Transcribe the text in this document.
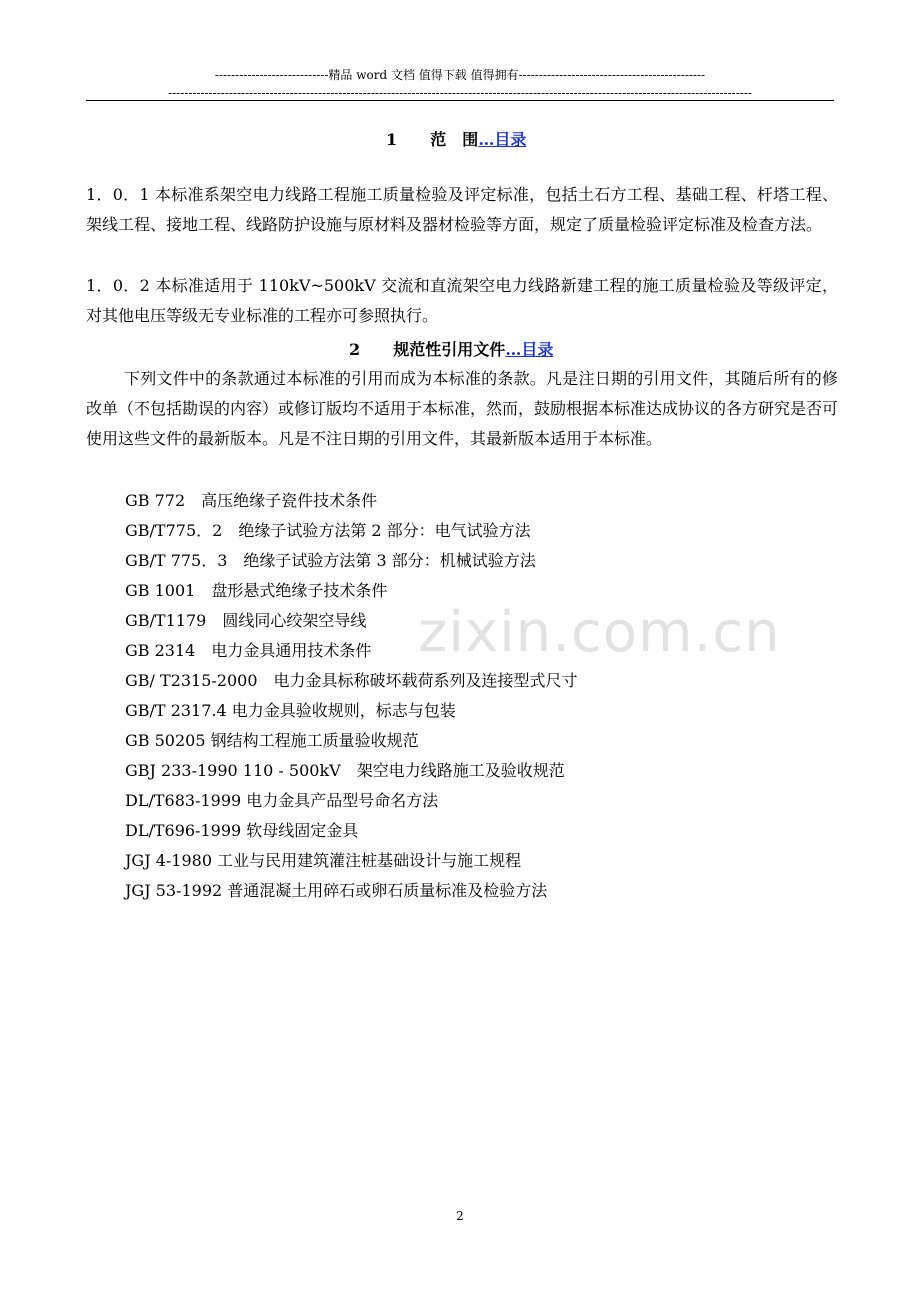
----------------------------精品 word 文档 值得下载 值得拥有----------------------------------------------
------------------------------------------------------------------------------------------------------------------------------------------------
1 范　围…目录
1．0．1 本标准系架空电力线路工程施工质量检验及评定标准，包括土石方工程、基础工程、杆塔工程、架线工程、接地工程、线路防护设施与原材料及器材检验等方面，规定了质量检验评定标准及检查方法。
1．0．2 本标准适用于 110kV~500kV 交流和直流架空电力线路新建工程的施工质量检验及等级评定，对其他电压等级无专业标准的工程亦可参照执行。
2 规范性引用文件…目录
下列文件中的条款通过本标准的引用而成为本标准的条款。凡是注日期的引用文件，其随后所有的修改单（不包括勘误的内容）或修订版均不适用于本标准，然而，鼓励根据本标准达成协议的各方研究是否可使用这些文件的最新版本。凡是不注日期的引用文件，其最新版本适用于本标准。
GB 772　高压绝缘子瓷件技术条件
GB/T775．2　绝缘子试验方法第 2 部分：电气试验方法
GB/T 775．3　绝缘子试验方法第 3 部分：机械试验方法
GB 1001　盘形悬式绝缘子技术条件
GB/T1179　圆线同心绞架空导线
GB 2314　电力金具通用技术条件
GB/ T2315-2000　电力金具标称破坏载荷系列及连接型式尺寸
GB/T 2317.4 电力金具验收规则，标志与包装
GB 50205 钢结构工程施工质量验收规范
GBJ 233-1990 110 - 500kV　架空电力线路施工及验收规范
DL/T683-1999 电力金具产品型号命名方法
DL/T696-1999 软母线固定金具
JGJ 4-1980 工业与民用建筑灌注桩基础设计与施工规程
JGJ 53-1992 普通混凝土用碎石或卵石质量标准及检验方法
zixin.com.cn
2
